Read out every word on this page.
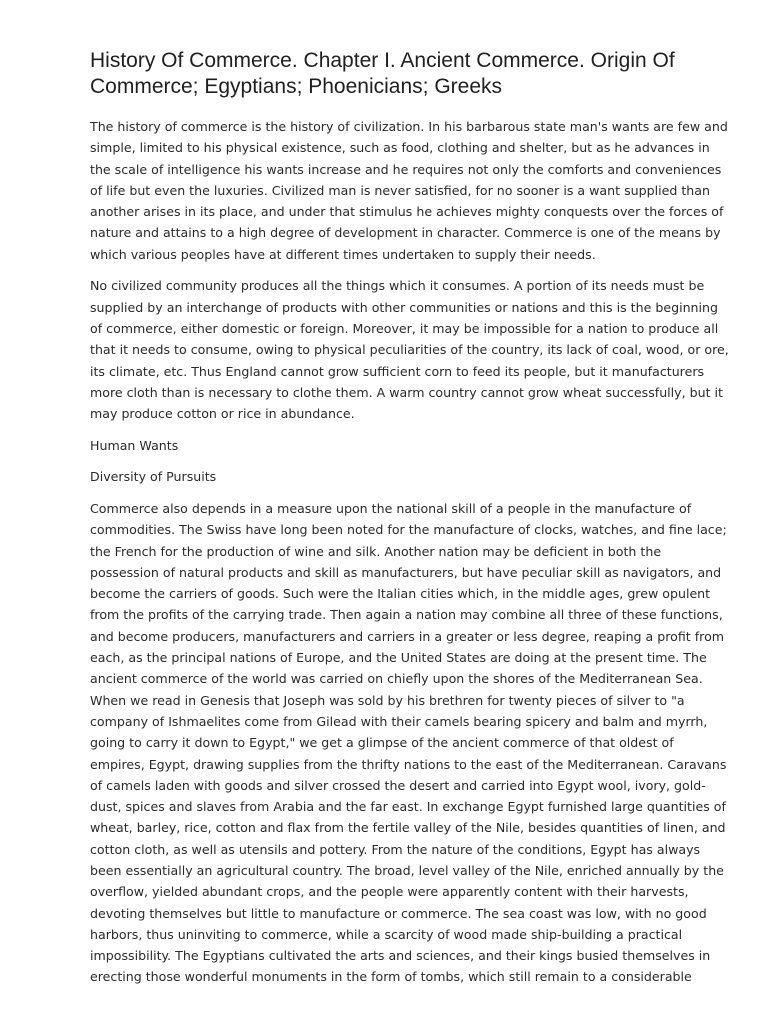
History Of Commerce. Chapter I. Ancient Commerce. Origin Of Commerce; Egyptians; Phoenicians; Greeks

The history of commerce is the history of civilization. In his barbarous state man's wants are few and simple, limited to his physical existence, such as food, clothing and shelter, but as he advances in the scale of intelligence his wants increase and he requires not only the comforts and conveniences of life but even the luxuries. Civilized man is never satisfied, for no sooner is a want supplied than another arises in its place, and under that stimulus he achieves mighty conquests over the forces of nature and attains to a high degree of development in character. Commerce is one of the means by which various peoples have at different times undertaken to supply their needs.

No civilized community produces all the things which it consumes. A portion of its needs must be supplied by an interchange of products with other communities or nations and this is the beginning of commerce, either domestic or foreign. Moreover, it may be impossible for a nation to produce all that it needs to consume, owing to physical peculiarities of the country, its lack of coal, wood, or ore, its climate, etc. Thus England cannot grow sufficient corn to feed its people, but it manufacturers more cloth than is necessary to clothe them. A warm country cannot grow wheat successfully, but it may produce cotton or rice in abundance.

Human Wants

Diversity of Pursuits

Commerce also depends in a measure upon the national skill of a people in the manufacture of commodities. The Swiss have long been noted for the manufacture of clocks, watches, and fine lace; the French for the production of wine and silk. Another nation may be deficient in both the possession of natural products and skill as manufacturers, but have peculiar skill as navigators, and become the carriers of goods. Such were the Italian cities which, in the middle ages, grew opulent from the profits of the carrying trade. Then again a nation may combine all three of these functions, and become producers, manufacturers and carriers in a greater or less degree, reaping a profit from each, as the principal nations of Europe, and the United States are doing at the present time. The ancient commerce of the world was carried on chiefly upon the shores of the Mediterranean Sea. When we read in Genesis that Joseph was sold by his brethren for twenty pieces of silver to "a company of Ishmaelites come from Gilead with their camels bearing spicery and balm and myrrh, going to carry it down to Egypt," we get a glimpse of the ancient commerce of that oldest of empires, Egypt, drawing supplies from the thrifty nations to the east of the Mediterranean. Caravans of camels laden with goods and silver crossed the desert and carried into Egypt wool, ivory, gold-dust, spices and slaves from Arabia and the far east. In exchange Egypt furnished large quantities of wheat, barley, rice, cotton and flax from the fertile valley of the Nile, besides quantities of linen, and cotton cloth, as well as utensils and pottery. From the nature of the conditions, Egypt has always been essentially an agricultural country. The broad, level valley of the Nile, enriched annually by the overflow, yielded abundant crops, and the people were apparently content with their harvests, devoting themselves but little to manufacture or commerce. The sea coast was low, with no good harbors, thus uninviting to commerce, while a scarcity of wood made ship-building a practical impossibility. The Egyptians cultivated the arts and sciences, and their kings busied themselves in erecting those wonderful monuments in the form of tombs, which still remain to a considerable
